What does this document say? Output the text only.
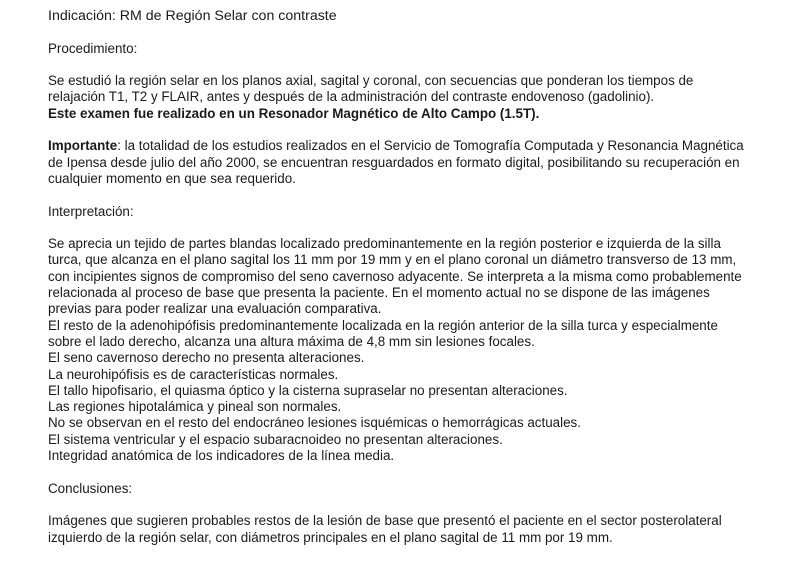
Indicación: RM de Región Selar con contraste

Procedimiento:

Se estudió la región selar en los planos axial, sagital y coronal, con secuencias que ponderan los tiempos de relajación T1, T2 y FLAIR, antes y después de la administración del contraste endovenoso (gadolinio).
Este examen fue realizado en un Resonador Magnético de Alto Campo (1.5T).

Importante: la totalidad de los estudios realizados en el Servicio de Tomografía Computada y Resonancia Magnética de Ipensa desde julio del año 2000, se encuentran resguardados en formato digital, posibilitando su recuperación en cualquier momento en que sea requerido.

Interpretación:

Se aprecia un tejido de partes blandas localizado predominantemente en la región posterior e izquierda de la silla turca, que alcanza en el plano sagital los 11 mm por 19 mm y en el plano coronal un diámetro transverso de 13 mm, con incipientes signos de compromiso del seno cavernoso adyacente. Se interpreta a la misma como probablemente relacionada al proceso de base que presenta la paciente. En el momento actual no se dispone de las imágenes previas para poder realizar una evaluación comparativa.

El resto de la adenohipófisis predominantemente localizada en la región anterior de la silla turca y especialmente sobre el lado derecho, alcanza una altura máxima de 4,8 mm sin lesiones focales.

El seno cavernoso derecho no presenta alteraciones.

La neurohipófisis es de características normales.

El tallo hipofisario, el quiasma óptico y la cisterna supraselar no presentan alteraciones.

Las regiones hipotalámica y pineal son normales.

No se observan en el resto del endocráneo lesiones isquémicas o hemorrágicas actuales.

El sistema ventricular y el espacio subaracnoideo no presentan alteraciones.

Integridad anatómica de los indicadores de la línea media.

Conclusiones:

Imágenes que sugieren probables restos de la lesión de base que presentó el paciente en el sector posterolateral izquierdo de la región selar, con diámetros principales en el plano sagital de 11 mm por 19 mm.
